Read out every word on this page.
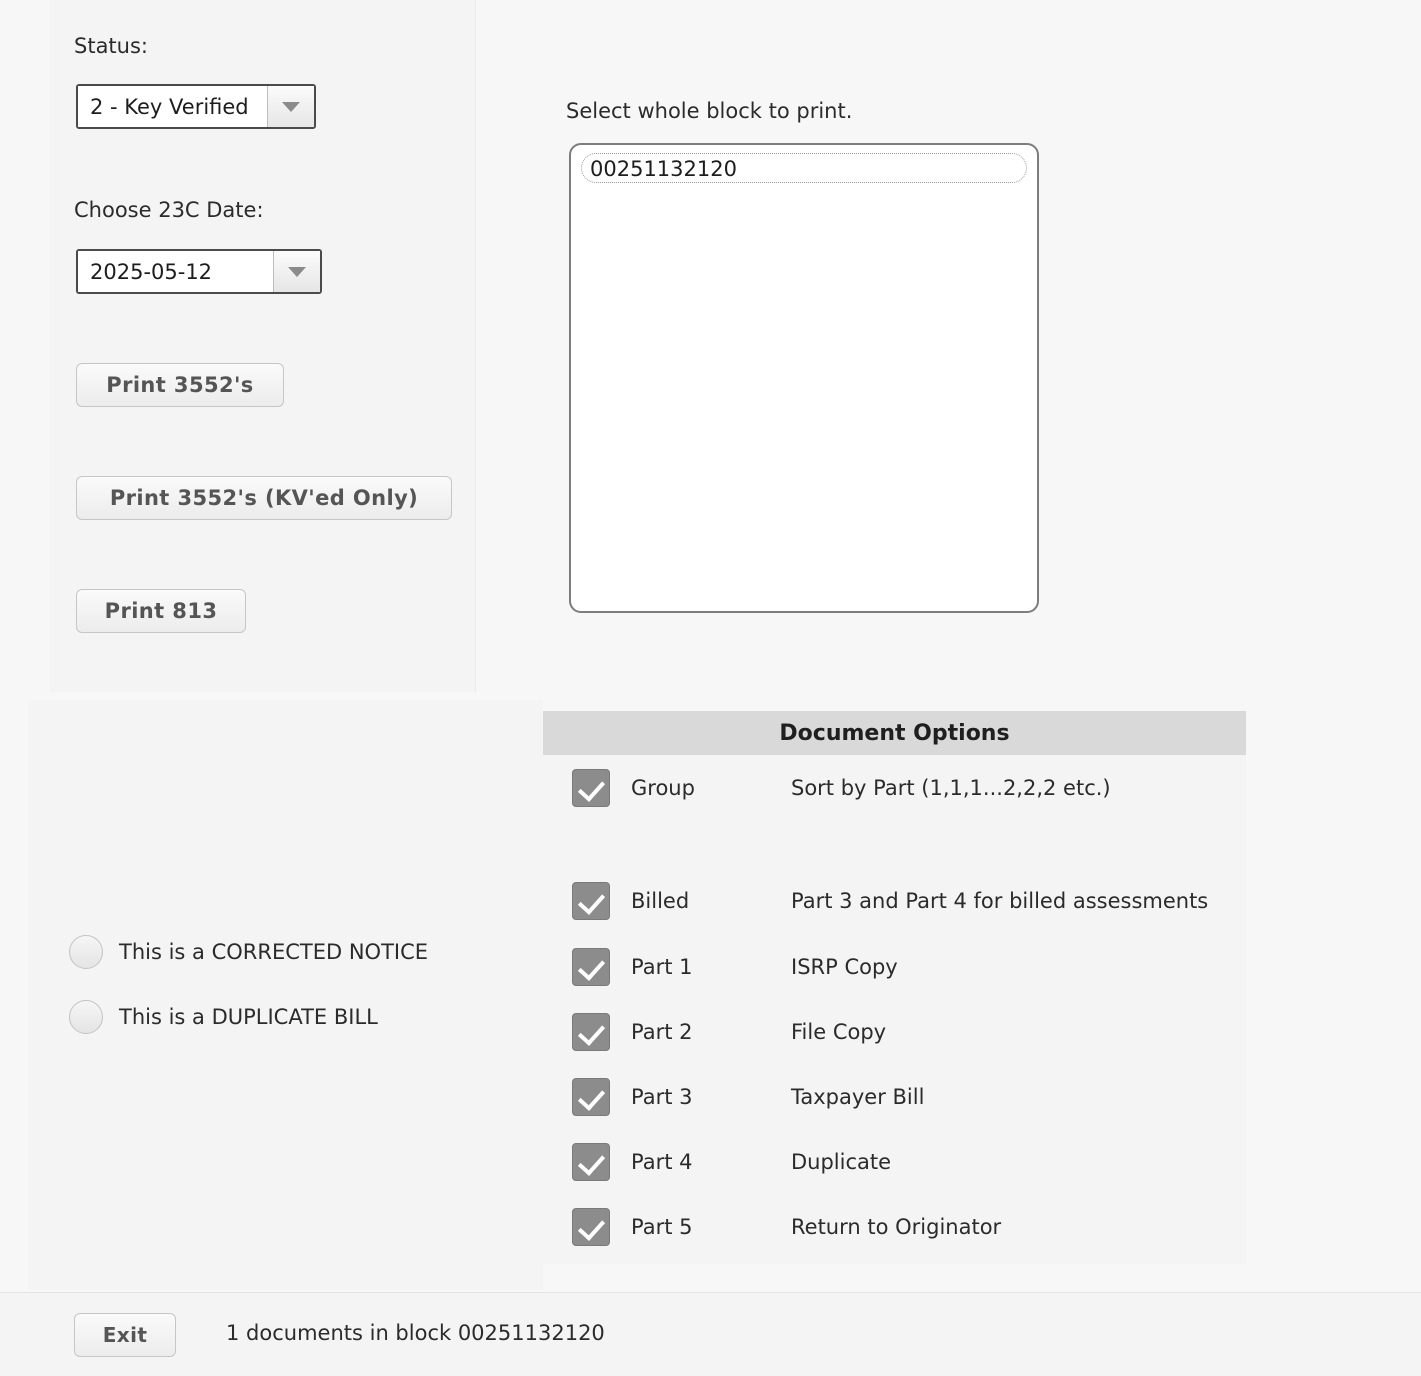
Status:
2 - Key Verified
Choose 23C Date:
2025-05-12
Print 3552's
Print 3552's (KV'ed Only)
Print 813
Select whole block to print.
00251132120
This is a CORRECTED NOTICE
This is a DUPLICATE BILL
Document Options
Group	Sort by Part (1,1,1...2,2,2 etc.)
Billed	Part 3 and Part 4 for billed assessments
Part 1	ISRP Copy
Part 2	File Copy
Part 3	Taxpayer Bill
Part 4	Duplicate
Part 5	Return to Originator
Exit	1 documents in block 00251132120
